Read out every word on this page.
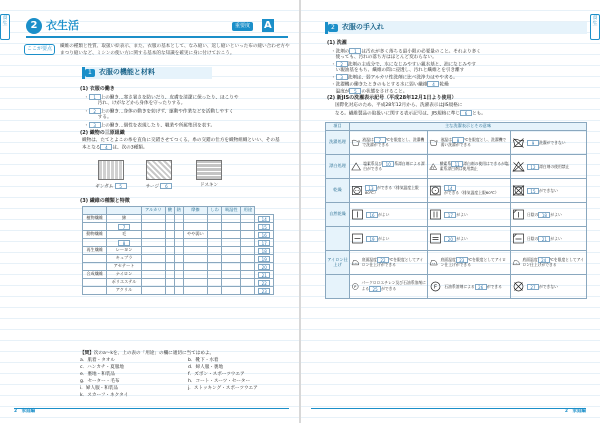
食
生	2 衣生活	重要度	A
ここが要点	繊維の種類と性質、取扱い絵表示、また、衣服の基本として、なみ縫い、返し縫いといった布の縫い合わせ方やまつり縫いなど、ミシンの使い方に関する基本的な知識を確実に身に付けておこう。
1	衣服の機能と材料
(1) 衣服の働き
・ 1 上の働き…寒さ暑さを防いだり、皮膚を清潔に保ったり、ほこりや
　　　汚れ、けがなどから身体を守ったりする。
・ 2 上の働き…身体の動きを妨げず、運動や作業などを活動しやすく
　　　する。
・ 3 上の働き…個性を表現したり、職業や所属集団を表す。
(2) 織物の三原組織
織物は、たてとよこの糸を直角に交錯させてつくる。糸の交錯の仕方を織物組織といい、その基本となる 4 は、次の3種類。
ギンガム 5	サージ 6	ドスキン
(3) 繊維の種類と特徴
		アルカリ	酸	熱	摩擦	しわ	吸湿性	用途	
植物繊維	綿								14
	7								15
動物繊維	毛				やや弱い				16
	8								17
再生繊維	レーヨン								18
	キュプラ								19
	アセテート								20
合成繊維	ナイロン								21
	ポリエステル								22
	アクリル								23
【問】次のa～kを、上の表の「用途」の欄に適切に当てはめよ。
a．肌着・タオル	b．靴下・水着
c．ハンカチ・夏服地	d．婦人服・裏地
e．裏地・和装品	f．ズボン・スポーツウエア
g．セーター・毛布	h．コート・スーツ・セーター
i．婦人服・和装品	j．ストッキング・スポーツウエア
k．スカーフ・ネクタイ
2　家庭編
食
生
2	衣服の手入れ
(1) 洗濯
・洗剤の 1 は汚れが多く落ちる最小限の必要量のこと。それより多く
　使っても、汚れの落ち方はほとんど変わらない。
・ 2 洗剤の主成分で、水になじみやすい親水基と、油になじみやす
　い親油基をもち、繊維の間に浸透し、汚れと繊維とを引き離す
・ 3 洗剤は、弱アルカリ性洗剤に比べ洗浄力はやや劣る。
・洗濯機の働きたときのもとする水に弱い繊維 4 乾燥
　温度が 5 の状態をさけること。
(2) 新JISの洗濯表示記号（平成28年12月1日より使用）
国際化対応のため、平成28年12月から、洗濯表示はJIS規格に
なる。繊維製品の取扱いに関する表示記号は、JIS規格に準じ 6 とも。
項目	主な洗濯表示とその意味		
洗濯処理	液温は 7 ℃を限度とし、洗濯機で洗濯ができる	液温は 8 ℃を限度とし、洗濯機で弱い洗濯ができる	9 洗濯ができない

漂白処理	塩素系及び 10 系漂白剤による漂白ができる	酸素系 11 漂白剤の使用はできるが塩素系漂白剤は使用禁止	12 漂白剤の使用禁止

乾燥	13 ができる（排気温度上限80℃）	14ができる（排気温度上限60℃）	15 ができない

自然乾燥	16 がよい	17 がよい	日陰の 18 がよい

	19 がよい	20 がよい	日陰の 21 がよい

アイロン仕上げ	底面温度 22 ℃を限度としてアイロン仕上げができる	底面温度 23 ℃を限度としてアイロン仕上げができる	底面温度 24 ℃を限度としてアイロン仕上げができる

P
パークロロエチレン及び石油系溶剤による 25 ができる	F 石油系溶剤による 26 ができる	27 ができない
2　家庭編
